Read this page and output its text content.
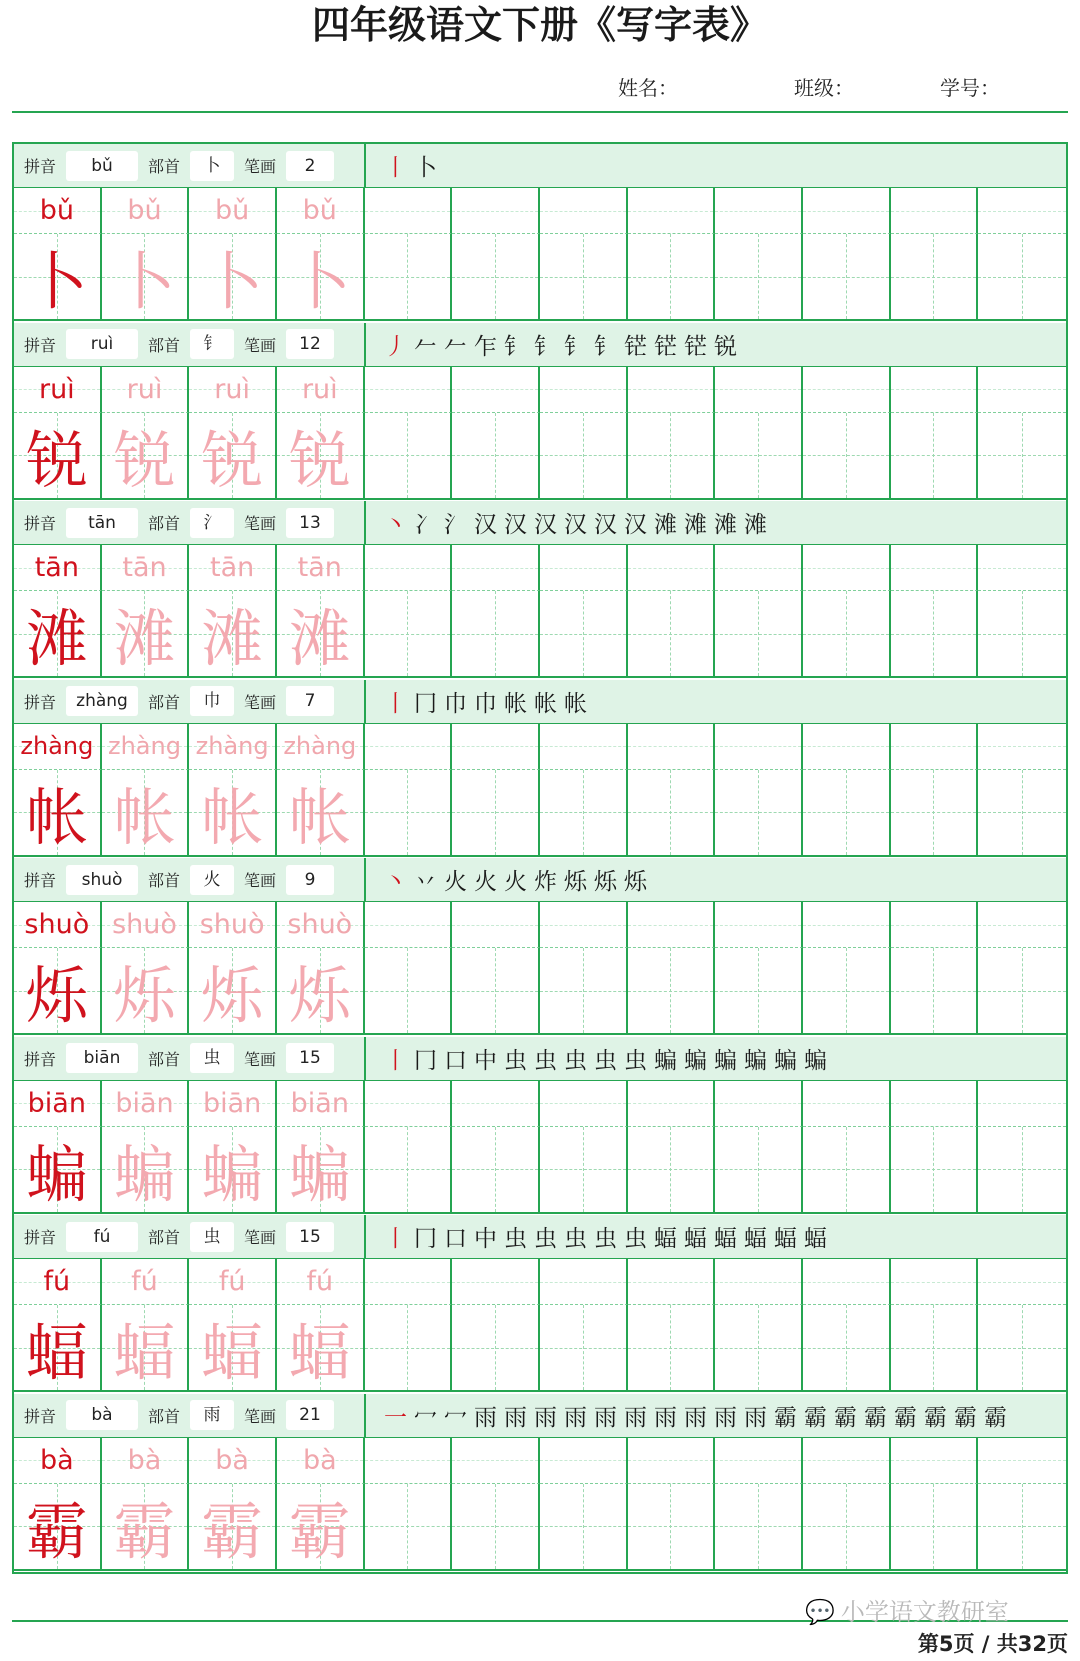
四年级语文下册《写字表》
姓名：	班级：	学号：
拼音	bǔ	部首	卜	笔画	2	丨 卜
bǔ bǔ bǔ bǔ
卜 卜 卜 卜
拼音	ruì	部首	钅	笔画	12	丿 𠂉 𠂉 乍 钅 钅 钅 钅 铓 铓 铓 锐
ruì ruì ruì ruì
锐 锐 锐 锐
拼音	tān	部首	氵	笔画	13	丶 冫 氵 汉 汉 汉 汉 汉 汉 滩 滩 滩 滩
tān tān tān tān
滩 滩 滩 滩
拼音	zhàng	部首	巾	笔画	7	丨 冂 巾 巾 帐 帐 帐
zhàng zhàng zhàng zhàng
帐 帐 帐 帐
拼音	shuò	部首	火	笔画	9	丶 丷 火 火 火 炸 烁 烁 烁
shuò shuò shuò shuò
烁 烁 烁 烁
拼音	biān	部首	虫	笔画	15	丨 冂 口 中 虫 虫 虫 虫 虫 蝙 蝙 蝙 蝙 蝙 蝙
biān biān biān biān
蝙 蝙 蝙 蝙
拼音	fú	部首	虫	笔画	15	丨 冂 口 中 虫 虫 虫 虫 虫 蝠 蝠 蝠 蝠 蝠 蝠
fú fú fú fú
蝠 蝠 蝠 蝠
拼音	bà	部首	雨	笔画	21	一 冖 冖 雨 雨 雨 雨 雨 雨 雨 雨 雨 雨 霸 霸 霸 霸 霸 霸 霸 霸
bà bà bà bà
霸 霸 霸 霸
💬 小学语文教研室
第5页 / 共32页
